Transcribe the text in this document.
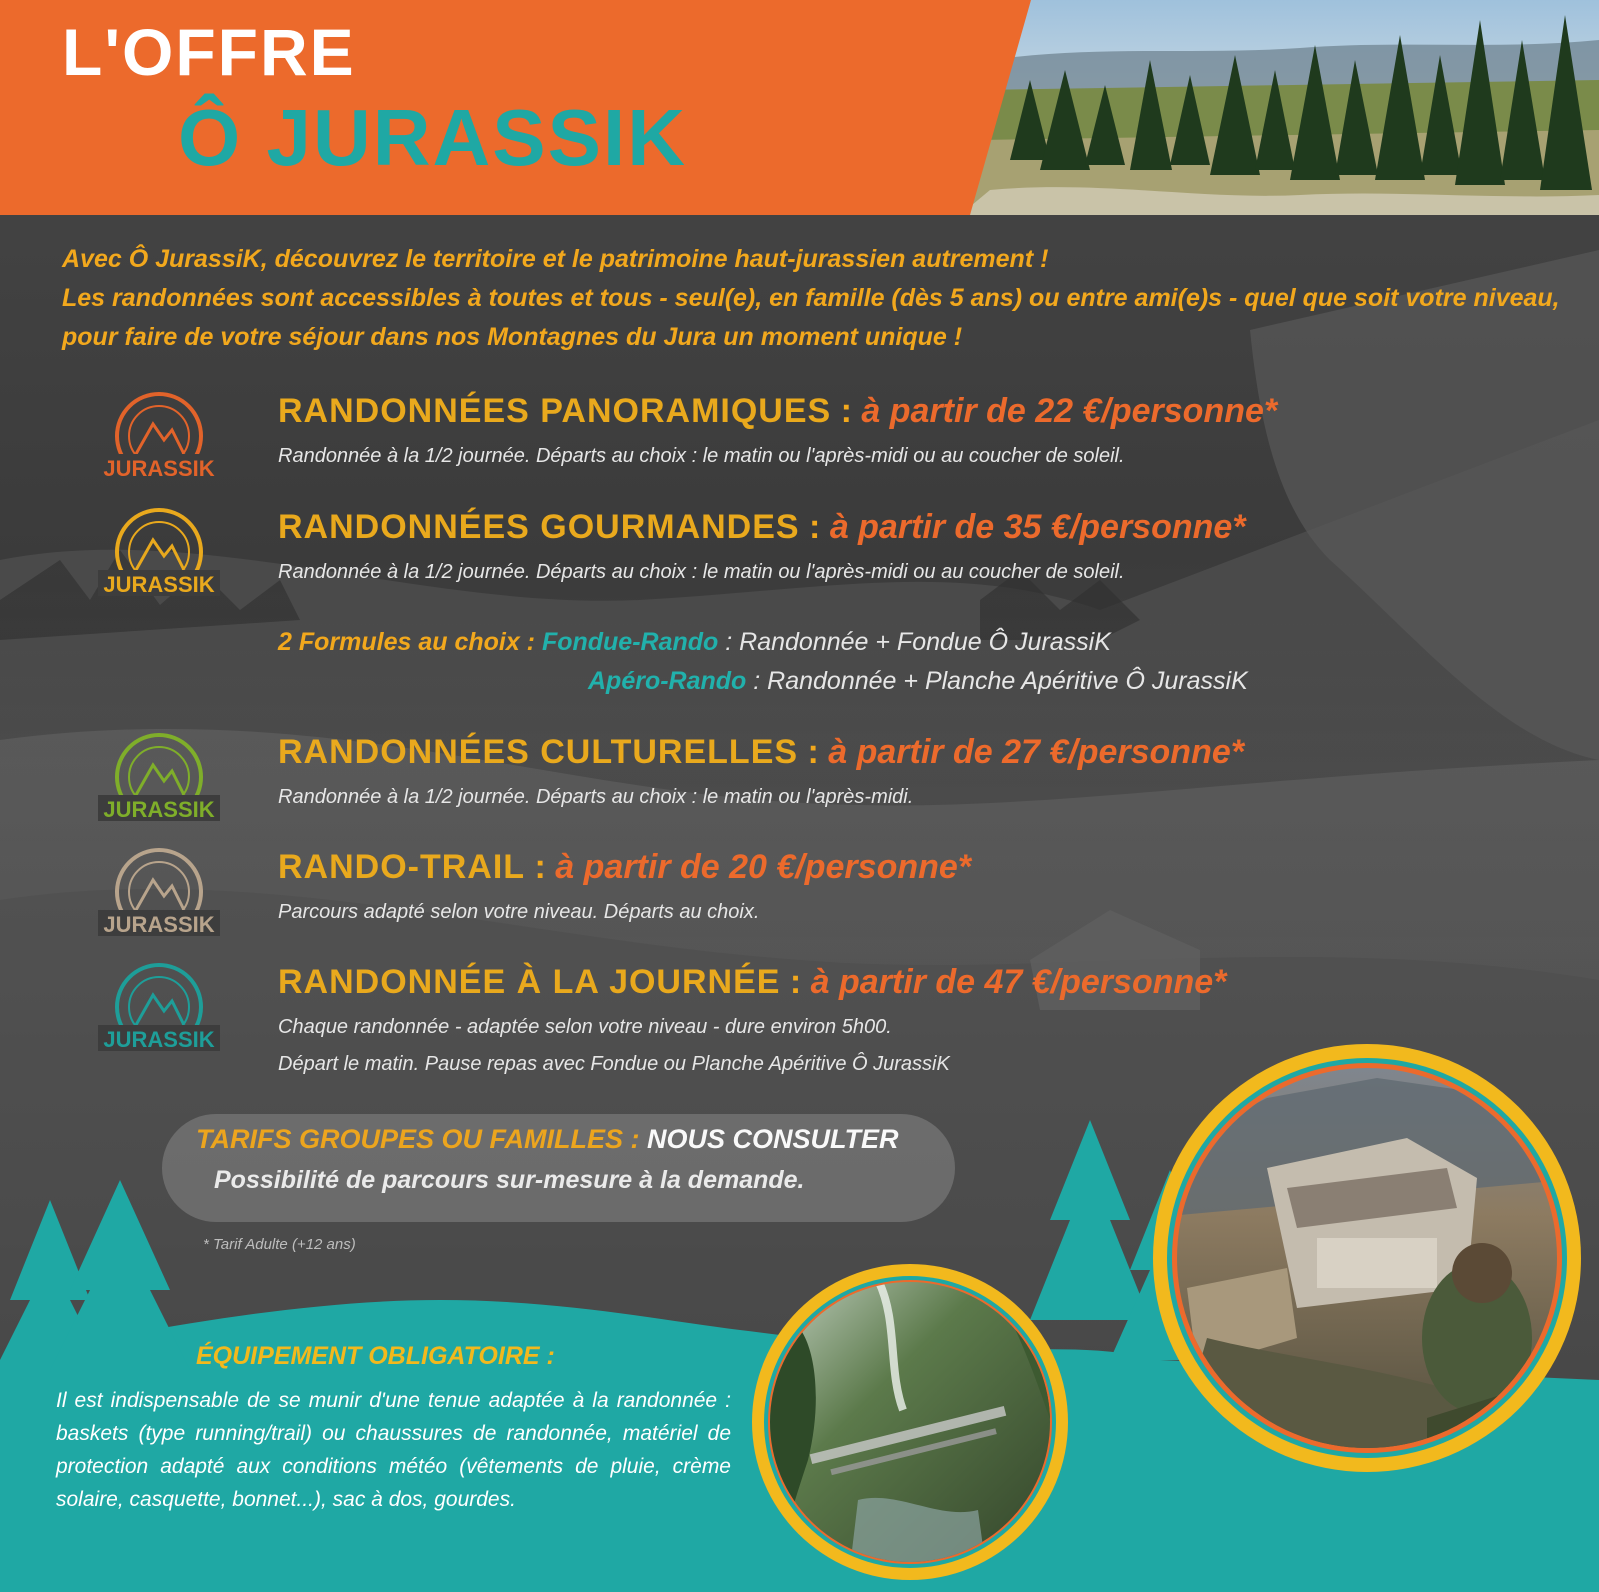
L'OFFRE
Ô JURASSIK

Avec Ô JurassiK, découvrez le territoire et le patrimoine haut-jurassien autrement !

Les randonnées sont accessibles à toutes et tous - seul(e), en famille (dès 5 ans) ou entre ami(e)s - quel que soit votre niveau, pour faire de votre séjour dans nos Montagnes du Jura un moment unique !

JURASSIK
RANDONNÉES PANORAMIQUES : à partir de 22 €/personne*
Randonnée à la 1/2 journée. Départs au choix : le matin ou l'après-midi ou au coucher de soleil.
JURASSIK
RANDONNÉES GOURMANDES : à partir de 35 €/personne*
Randonnée à la 1/2 journée. Départs au choix : le matin ou l'après-midi ou au coucher de soleil.
2 Formules au choix : Fondue-Rando : Randonnée + Fondue Ô JurassiK
Apéro-Rando : Randonnée + Planche Apéritive Ô JurassiK
JURASSIK
RANDONNÉES CULTURELLES : à partir de 27 €/personne*
Randonnée à la 1/2 journée. Départs au choix : le matin ou l'après-midi.
JURASSIK
RANDO-TRAIL : à partir de 20 €/personne*
Parcours adapté selon votre niveau. Départs au choix.
JURASSIK
RANDONNÉE À LA JOURNÉE : à partir de 47 €/personne*
Chaque randonnée - adaptée selon votre niveau - dure environ 5h00.
Départ le matin. Pause repas avec Fondue ou Planche Apéritive Ô JurassiK
TARIFS GROUPES OU FAMILLES : NOUS CONSULTER
Possibilité de parcours sur-mesure à la demande.
* Tarif Adulte (+12 ans)
ÉQUIPEMENT OBLIGATOIRE :

Il est indispensable de se munir d'une tenue adaptée à la randonnée : baskets (type running/trail) ou chaussures de randonnée, matériel de protection adapté aux conditions météo (vêtements de pluie, crème solaire, casquette, bonnet...), sac à dos, gourdes.
